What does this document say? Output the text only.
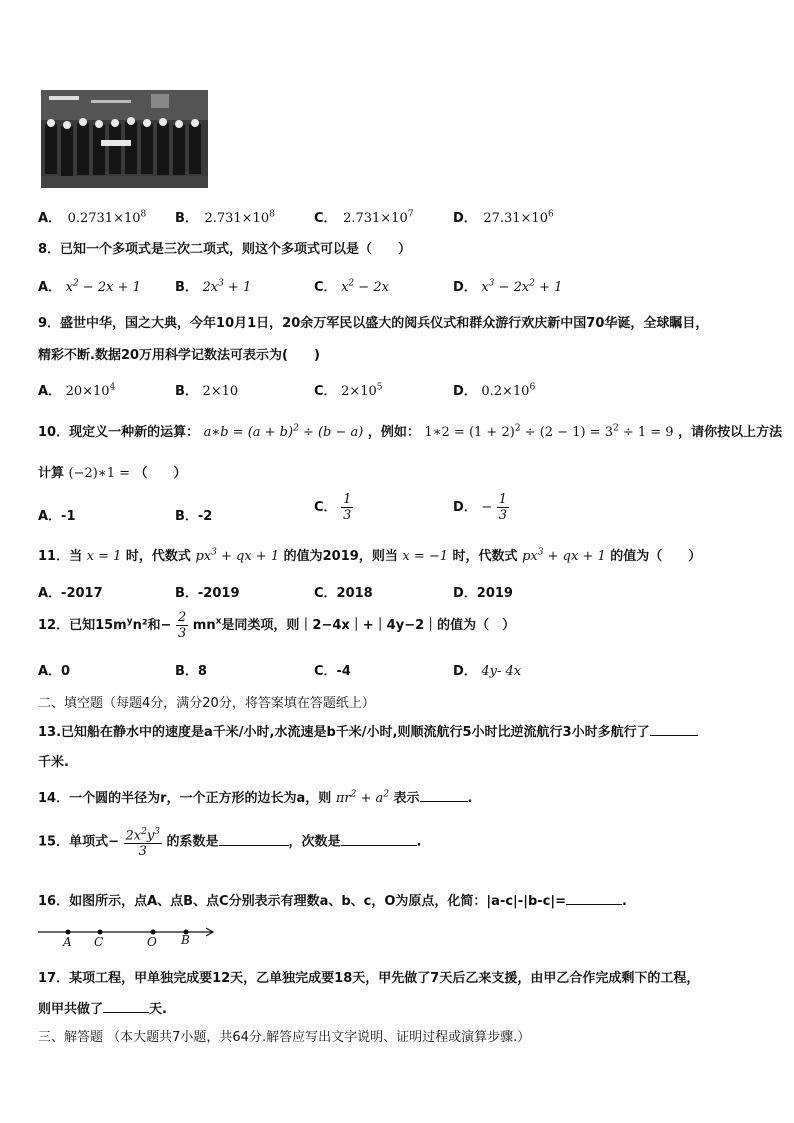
A． $0.2731\times 10^8$ B． $2.731\times 10^8$	C． $2.731\times 10^7$	D． $27.31\times 10^6$
8．已知一个多项式是三次二项式，则这个多项式可以是（　　）
A． $x^2 - 2x + 1$	B． $2x^3 + 1$	C． $x^2 - 2x$	D． $x^3 - 2x^2 + 1$
9．盛世中华，国之大典，今年10月1日，20余万军民以盛大的阅兵仪式和群众游行欢庆新中国70华诞，全球瞩目，
精彩不断.数据20万用科学记数法可表示为(　　)
A． $20\times 10^4$	B． 2×10	C． $2\times 10^5$	D． $0.2\times 10^6$
10．现定义一种新的运算： a∗b = $(a + b)^2 \div (b - a)$ ，例如： 1∗2 = $(1 + 2)^2 \div (2 - 1) = 3^2 \div 1 = 9$ ，请你按以上方法
计算 (−2)∗1 = （　　）
A．-1	B．-2
C． $\frac{1}{3}$	D． − $\frac{1}{3}$
11．当 x = 1 时，代数式 $px^3$ + qx + 1 的值为2019，则当 x = −1 时，代数式 $px^3$ + qx + 1 的值为（　　）
A．-2017	B．-2019	C．2018	D．2019
12．已知$15m^yn^2$和− $\frac{2}{3} mn^x$是同类项，则｜2−4x｜+｜4y−2｜的值为（　）
A．0	B．8	C．-4	D． 4y- 4x
二、填空题（每题4分，满分20分，将答案填在答题纸上）
13.已知船在静水中的速度是a千米/小时,水流速是b千米/小时,则顺流航行5小时比逆流航行3小时多航行了
千米.
14．一个圆的半径为r，一个正方形的边长为a，则 $\pi r^2 + a^2$ 表示	.
15．单项式− $\frac{2x^2y^3}{3}$ 的系数是	，次数是	.
16．如图所示，点A、点B、点C分别表示有理数a、b、c，O为原点，化简：|a-c|-|b-c|=	.
A C	O B
17．某项工程，甲单独完成要12天，乙单独完成要18天，甲先做了7天后乙来支援，由甲乙合作完成剩下的工程，
则甲共做了	天.
三、解答题 （本大题共7小题，共64分.解答应写出文字说明、证明过程或演算步骤.）
